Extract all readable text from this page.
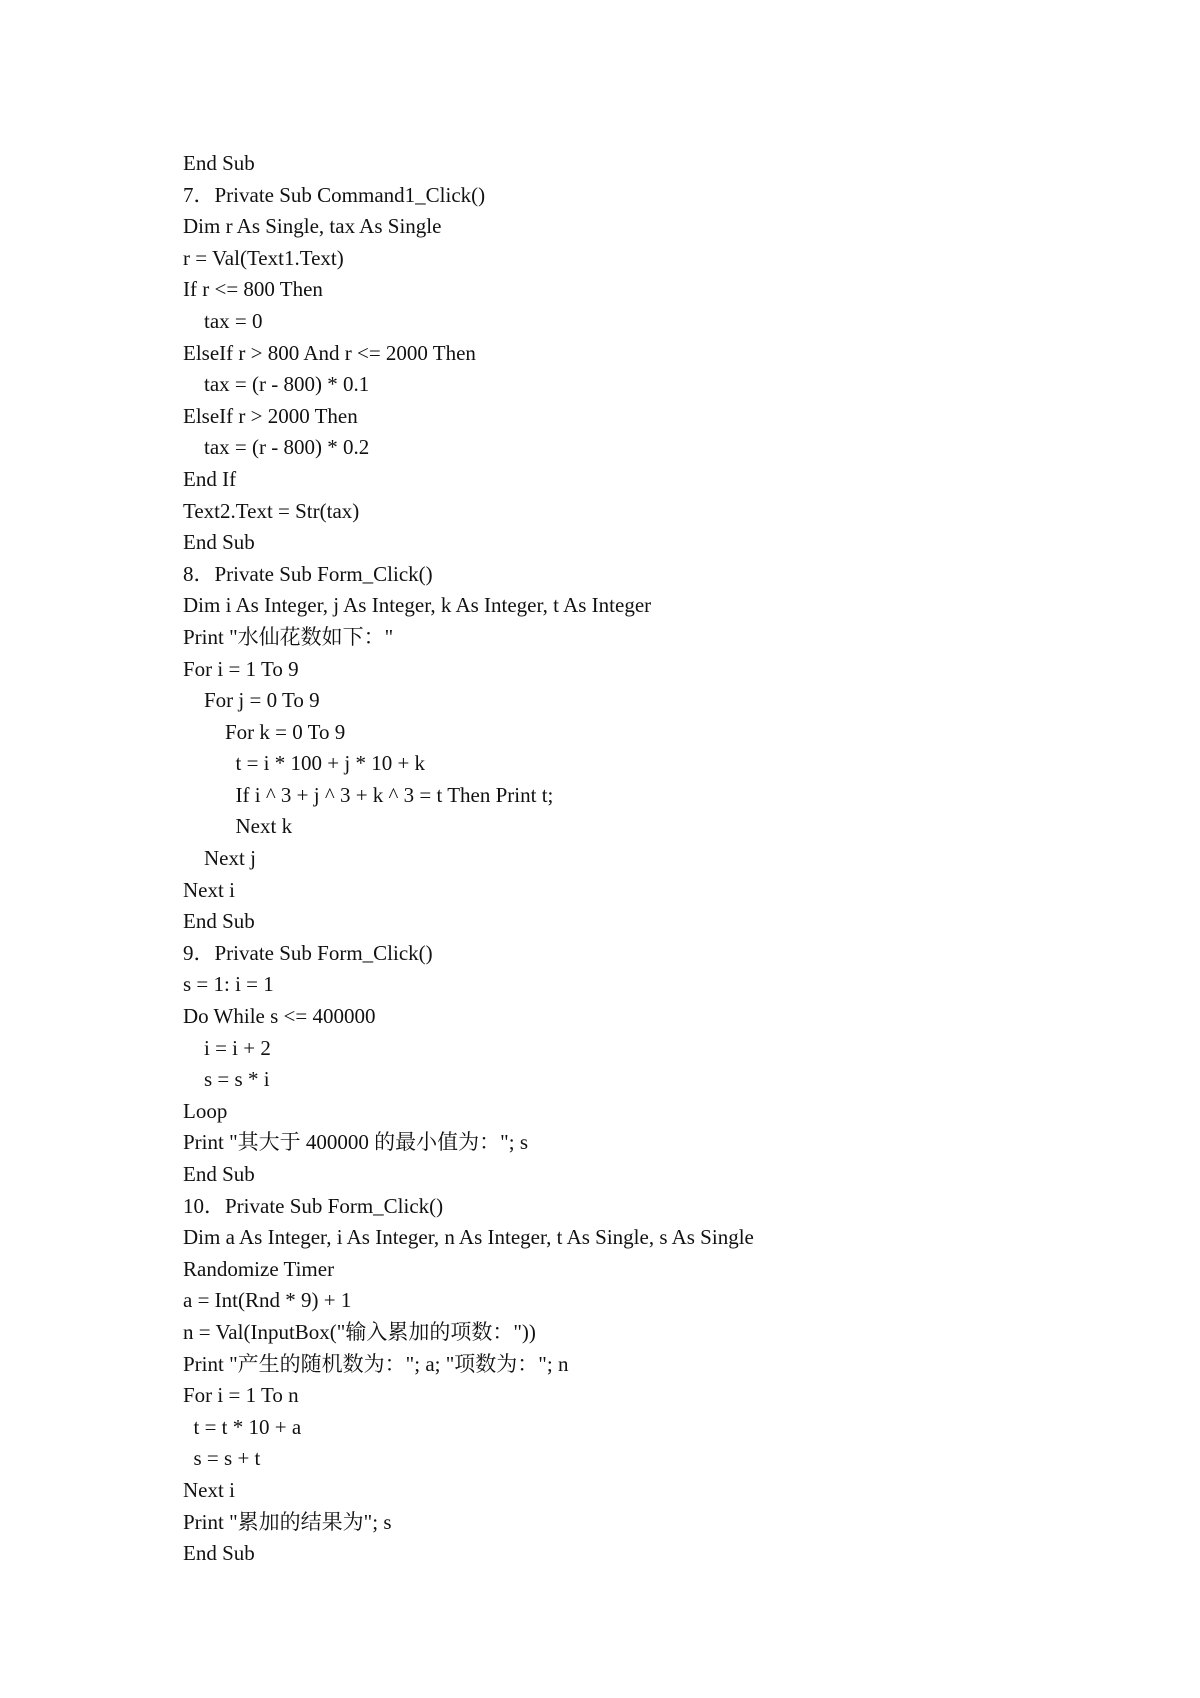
End Sub
7．Private Sub Command1_Click()
Dim r As Single, tax As Single
r = Val(Text1.Text)
If r <= 800 Then
tax = 0
ElseIf r > 800 And r <= 2000 Then
tax = (r - 800) * 0.1
ElseIf r > 2000 Then
tax = (r - 800) * 0.2
End If
Text2.Text = Str(tax)
End Sub
8．Private Sub Form_Click()
Dim i As Integer, j As Integer, k As Integer, t As Integer
Print "水仙花数如下："
For i = 1 To 9
For j = 0 To 9
For k = 0 To 9
t = i * 100 + j * 10 + k
If i ^ 3 + j ^ 3 + k ^ 3 = t Then Print t;
Next k
Next j
Next i
End Sub
9．Private Sub Form_Click()
s = 1: i = 1
Do While s <= 400000
i = i + 2
s = s * i
Loop
Print "其大于 400000 的最小值为："; s
End Sub
10．Private Sub Form_Click()
Dim a As Integer, i As Integer, n As Integer, t As Single, s As Single
Randomize Timer
a = Int(Rnd * 9) + 1
n = Val(InputBox("输入累加的项数："))
Print "产生的随机数为："; a; "项数为："; n
For i = 1 To n
t = t * 10 + a
s = s + t
Next i
Print "累加的结果为"; s
End Sub
